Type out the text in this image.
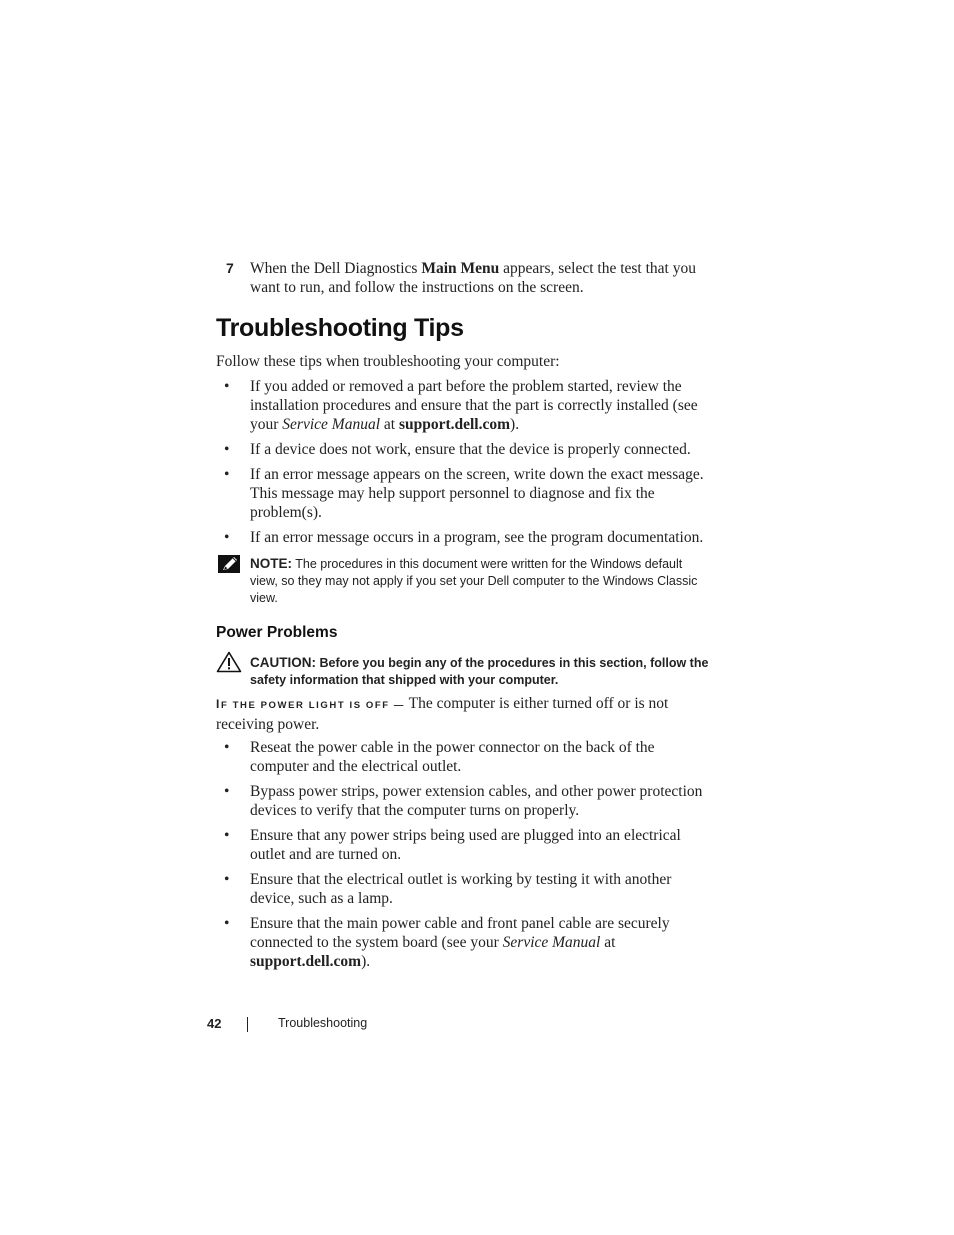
7 When the Dell Diagnostics Main Menu appears, select the test that you want to run, and follow the instructions on the screen.
Troubleshooting Tips
Follow these tips when troubleshooting your computer:
• If you added or removed a part before the problem started, review the installation procedures and ensure that the part is correctly installed (see your Service Manual at support.dell.com).
• If a device does not work, ensure that the device is properly connected.
• If an error message appears on the screen, write down the exact message. This message may help support personnel to diagnose and fix the problem(s).
• If an error message occurs in a program, see the program documentation.
NOTE: The procedures in this document were written for the Windows default view, so they may not apply if you set your Dell computer to the Windows Classic view.
Power Problems
CAUTION: Before you begin any of the procedures in this section, follow the safety information that shipped with your computer.
IF THE POWER LIGHT IS OFF — The computer is either turned off or is not receiving power.
• Reseat the power cable in the power connector on the back of the computer and the electrical outlet.
• Bypass power strips, power extension cables, and other power protection devices to verify that the computer turns on properly.
• Ensure that any power strips being used are plugged into an electrical outlet and are turned on.
• Ensure that the electrical outlet is working by testing it with another device, such as a lamp.
• Ensure that the main power cable and front panel cable are securely connected to the system board (see your Service Manual at support.dell.com).
42	Troubleshooting
